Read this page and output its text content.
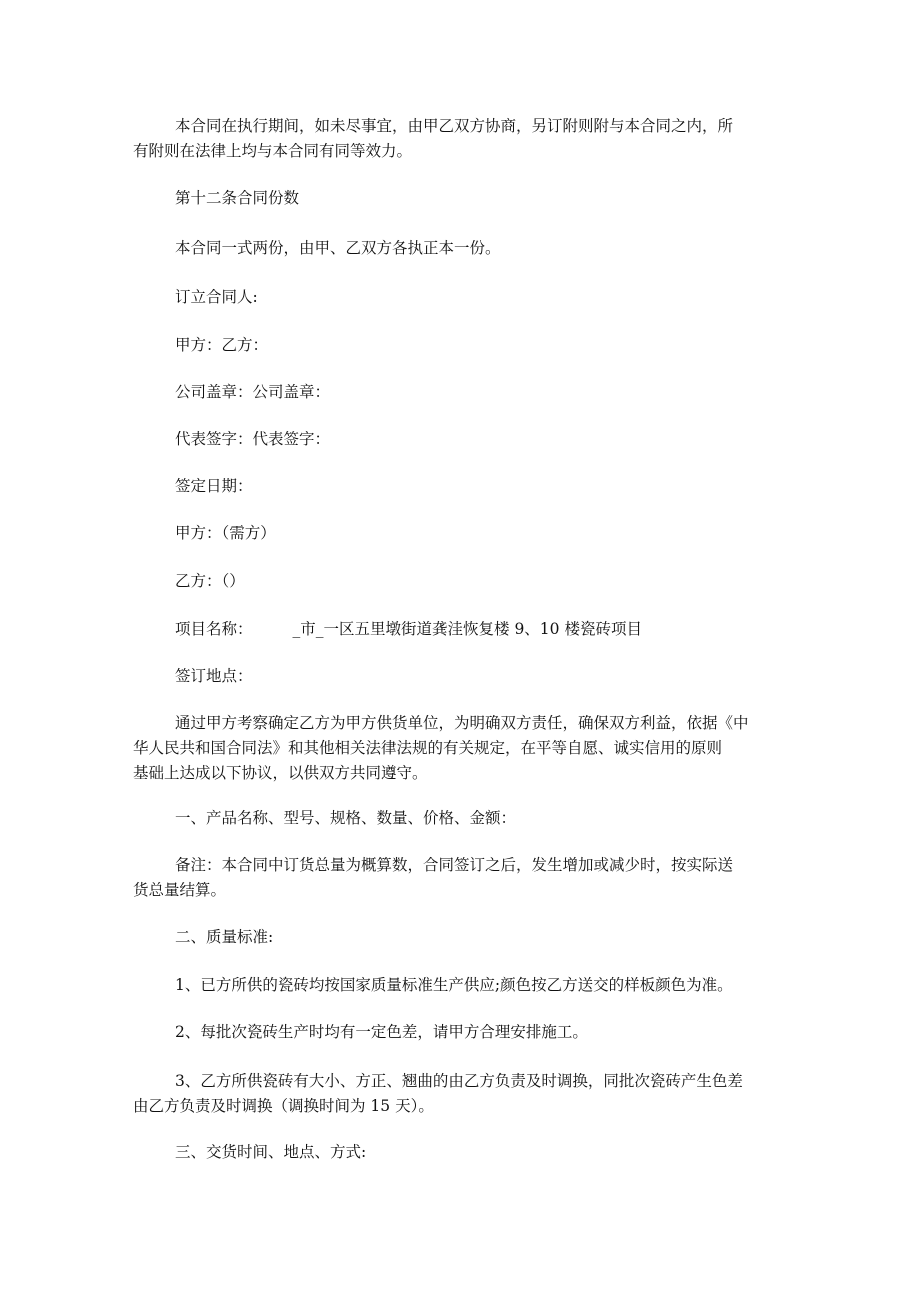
本合同在执行期间，如未尽事宜，由甲乙双方协商，另订附则附与本合同之内，所
有附则在法律上均与本合同有同等效力。

第十二条合同份数

本合同一式两份，由甲、乙双方各执正本一份。

订立合同人:

甲方：乙方：

公司盖章：公司盖章：

代表签字：代表签字：

签定日期：

甲方：（需方）

乙方：（）

项目名称：	_市_一区五里墩街道龚洼恢复楼 9、10 楼瓷砖项目

签订地点：

通过甲方考察确定乙方为甲方供货单位，为明确双方责任，确保双方利益，依据《中
华人民共和国合同法》和其他相关法律法规的有关规定，在平等自愿、诚实信用的原则
基础上达成以下协议，以供双方共同遵守。

一、产品名称、型号、规格、数量、价格、金额：

备注：本合同中订货总量为概算数，合同签订之后，发生增加或减少时，按实际送
货总量结算。

二、质量标准:

1、已方所供的瓷砖均按国家质量标准生产供应;颜色按乙方送交的样板颜色为准。

2、每批次瓷砖生产时均有一定色差，请甲方合理安排施工。

3、乙方所供瓷砖有大小、方正、翘曲的由乙方负责及时调换，同批次瓷砖产生色差
由乙方负责及时调换（调换时间为 15 天）。

三、交货时间、地点、方式:
